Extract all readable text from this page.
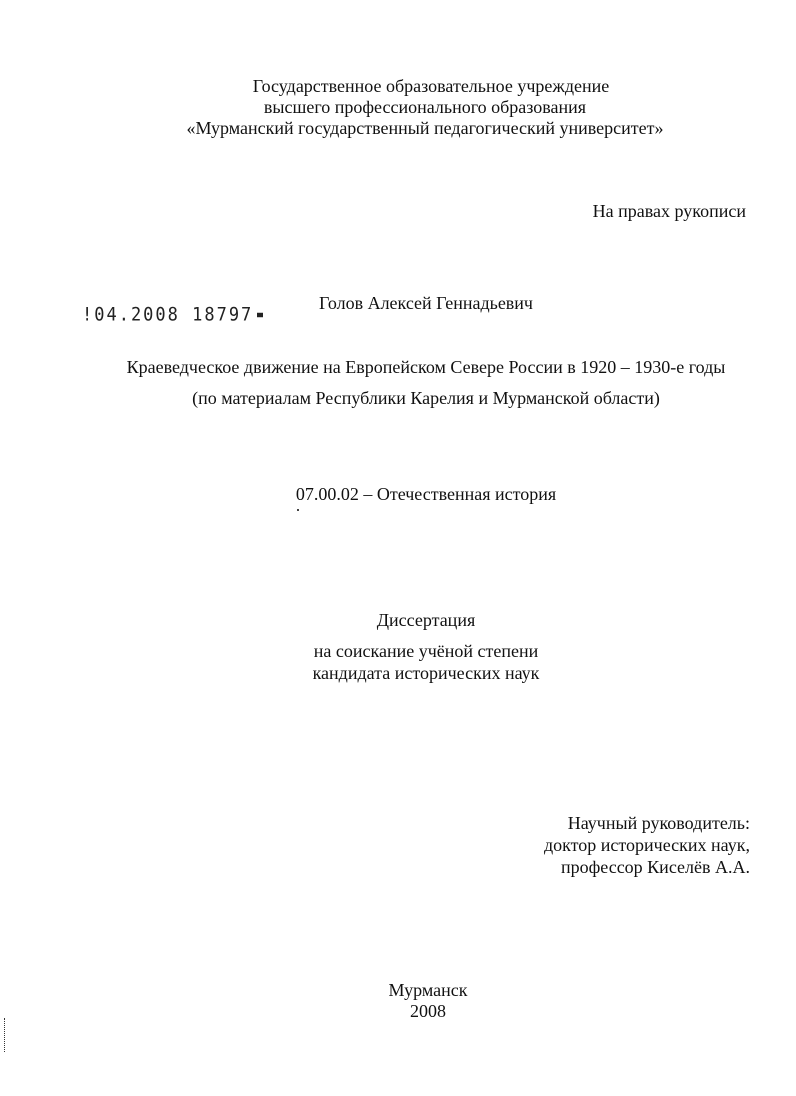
Государственное образовательное учреждение
высшего профессионального образования
«Мурманский государственный педагогический университет»
На правах рукописи
!04.2008 18797
Голов Алексей Геннадьевич
Краеведческое движение на Европейском Севере России в 1920 – 1930-е годы
(по материалам Республики Карелия и Мурманской области)
07.00.02 – Отечественная история
Диссертация
на соискание учёной степени
кандидата исторических наук
Научный руководитель:
доктор исторических наук,
профессор Киселёв А.А.
Мурманск
2008
